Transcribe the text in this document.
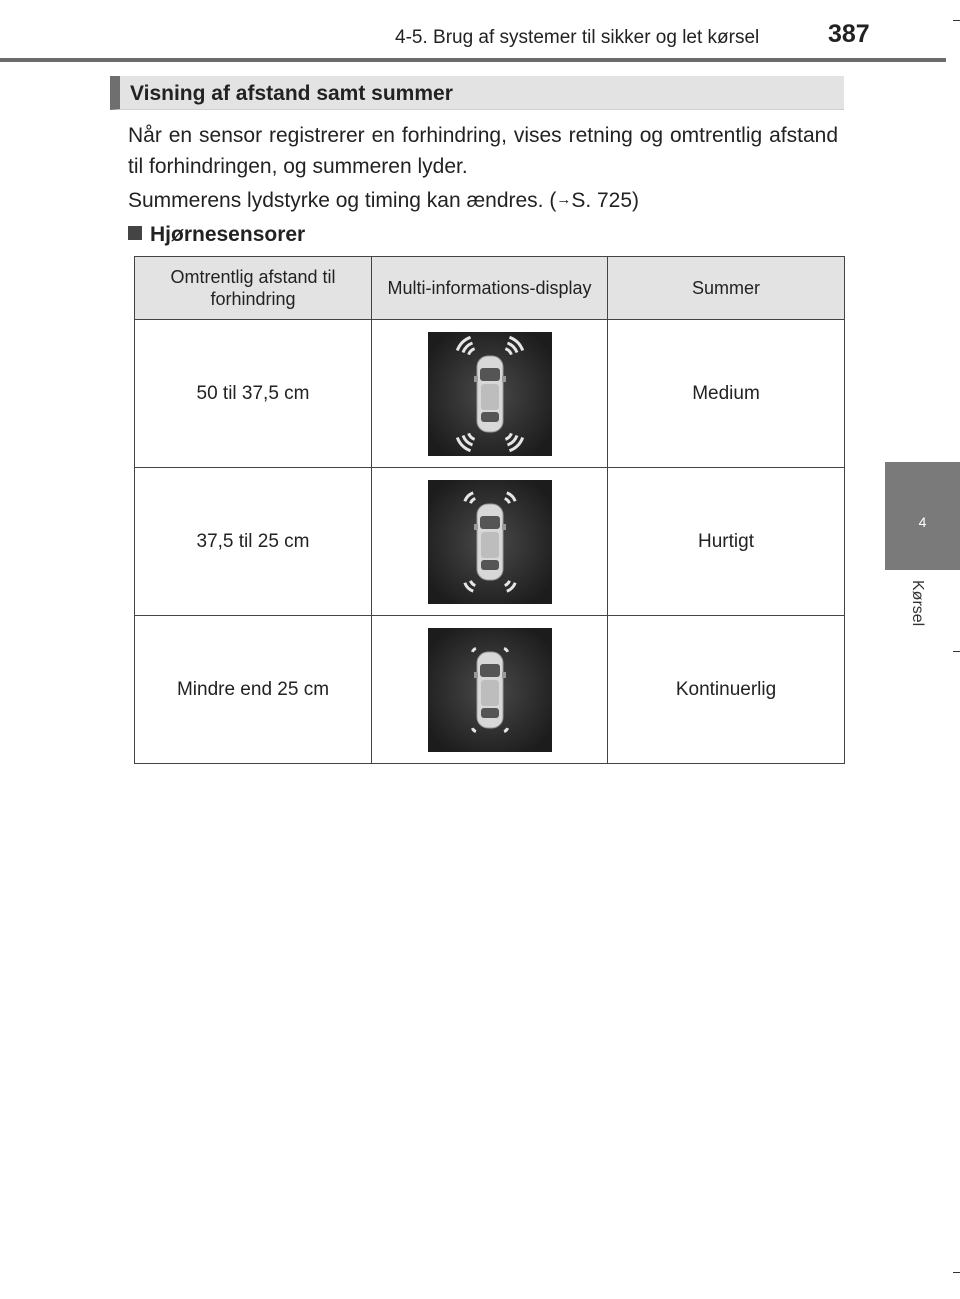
4-5. Brug af systemer til sikker og let kørsel	387
4
Kørsel
Visning af afstand samt summer
Når en sensor registrerer en forhindring, vises retning og omtrentlig afstand til forhindringen, og summeren lyder.
Summerens lydstyrke og timing kan ændres. (→S. 725)
Hjørnesensorer
Omtrentlig afstand til forhindring	Multi-informations-display	Summer
50 til 37,5 cm		Medium
37,5 til 25 cm		Hurtigt
Mindre end 25 cm		Kontinuerlig
